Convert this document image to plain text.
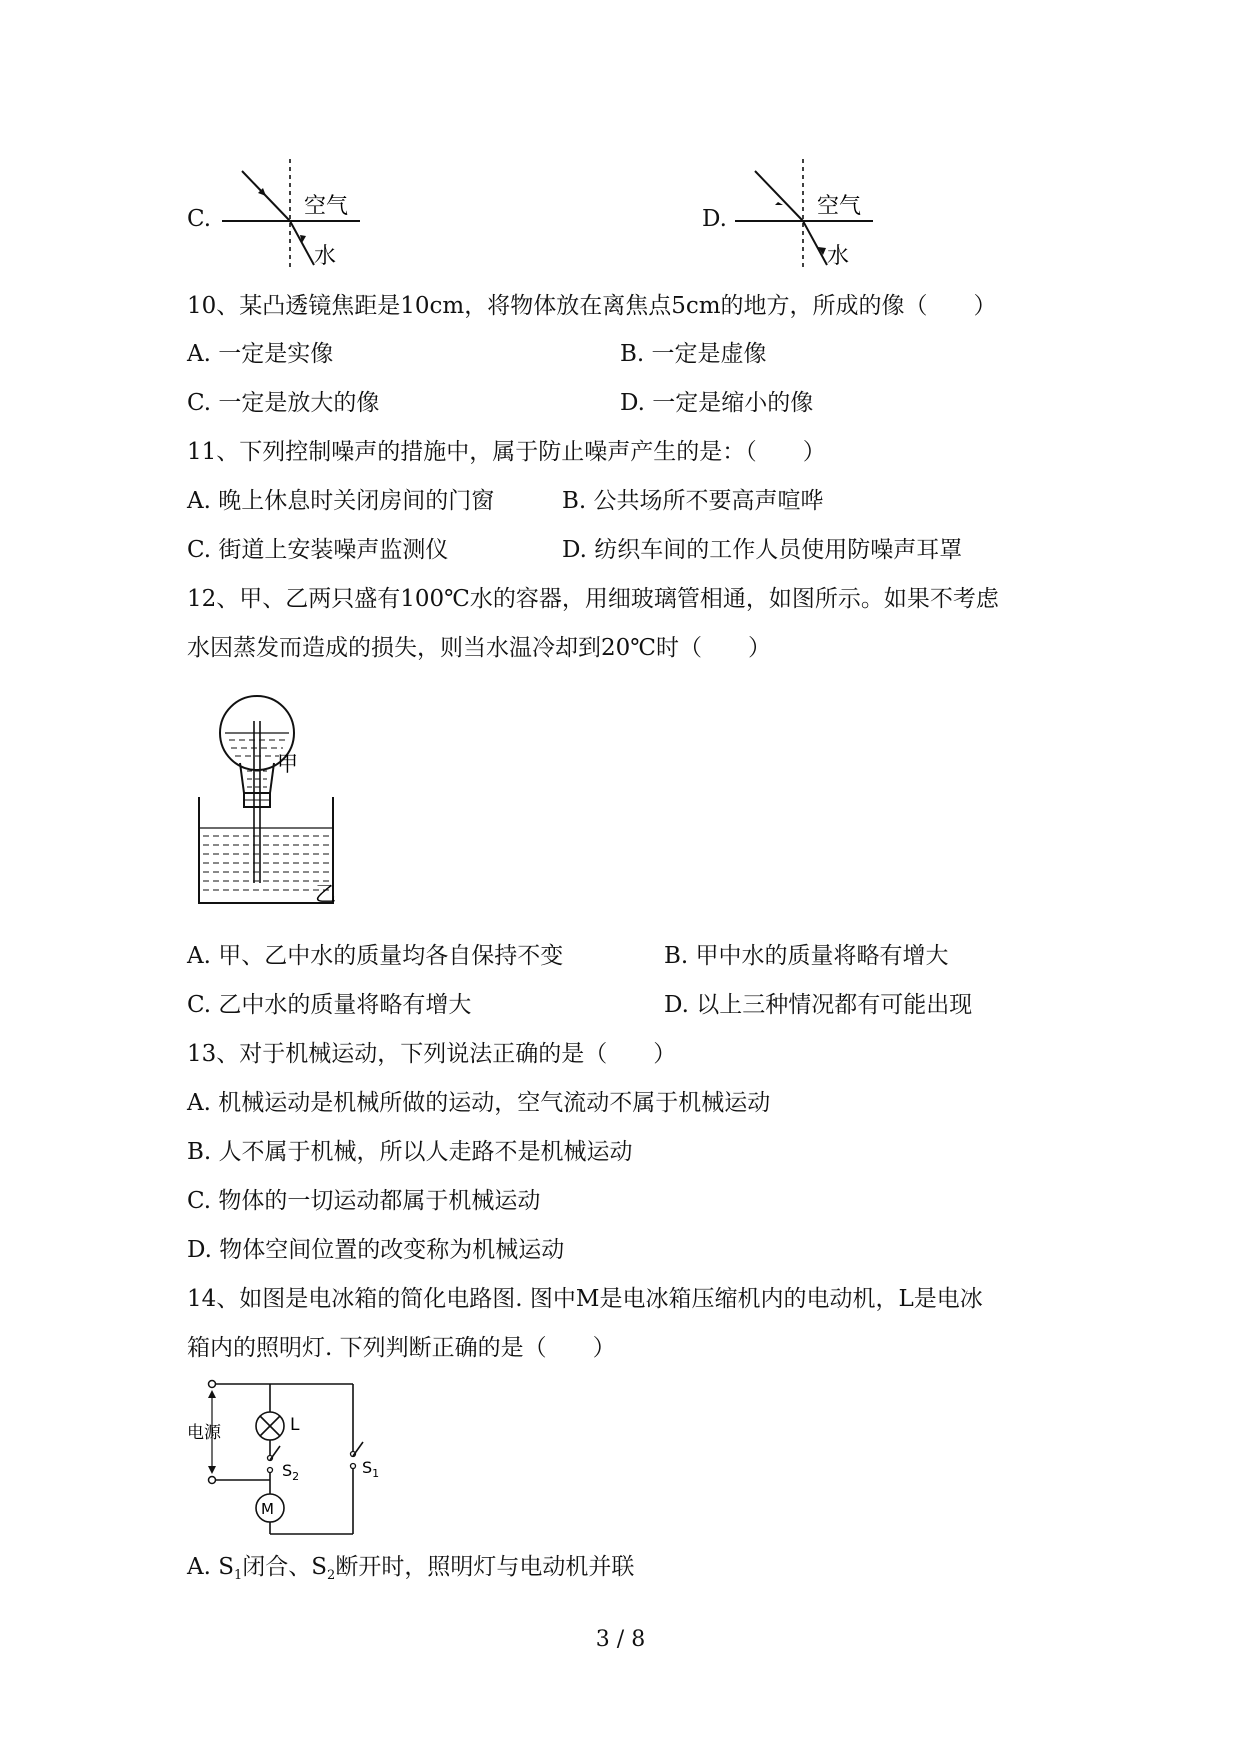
C.	空气
水
D.	空气
水
10、某凸透镜焦距是10cm，将物体放在离焦点5cm的地方，所成的像（　　）
A. 一定是实像	B. 一定是虚像
C. 一定是放大的像	D. 一定是缩小的像
11、下列控制噪声的措施中，属于防止噪声产生的是：（　　）
A. 晚上休息时关闭房间的门窗	B. 公共场所不要高声喧哗
C. 街道上安装噪声监测仪	D. 纺织车间的工作人员使用防噪声耳罩
12、甲、乙两只盛有100℃水的容器，用细玻璃管相通，如图所示。如果不考虑
水因蒸发而造成的损失，则当水温冷却到20℃时（　　）
甲
乙
A. 甲、乙中水的质量均各自保持不变	B. 甲中水的质量将略有增大
C. 乙中水的质量将略有增大	D. 以上三种情况都有可能出现
13、对于机械运动，下列说法正确的是（　　）
A. 机械运动是机械所做的运动，空气流动不属于机械运动
B. 人不属于机械，所以人走路不是机械运动
C. 物体的一切运动都属于机械运动
D. 物体空间位置的改变称为机械运动
14、如图是电冰箱的简化电路图. 图中M是电冰箱压缩机内的电动机，L是电冰
箱内的照明灯. 下列判断正确的是（　　）
电源	L
$S_2$	$S_1$
M
A. $S_1$闭合、$S_2$断开时，照明灯与电动机并联
3 / 8
